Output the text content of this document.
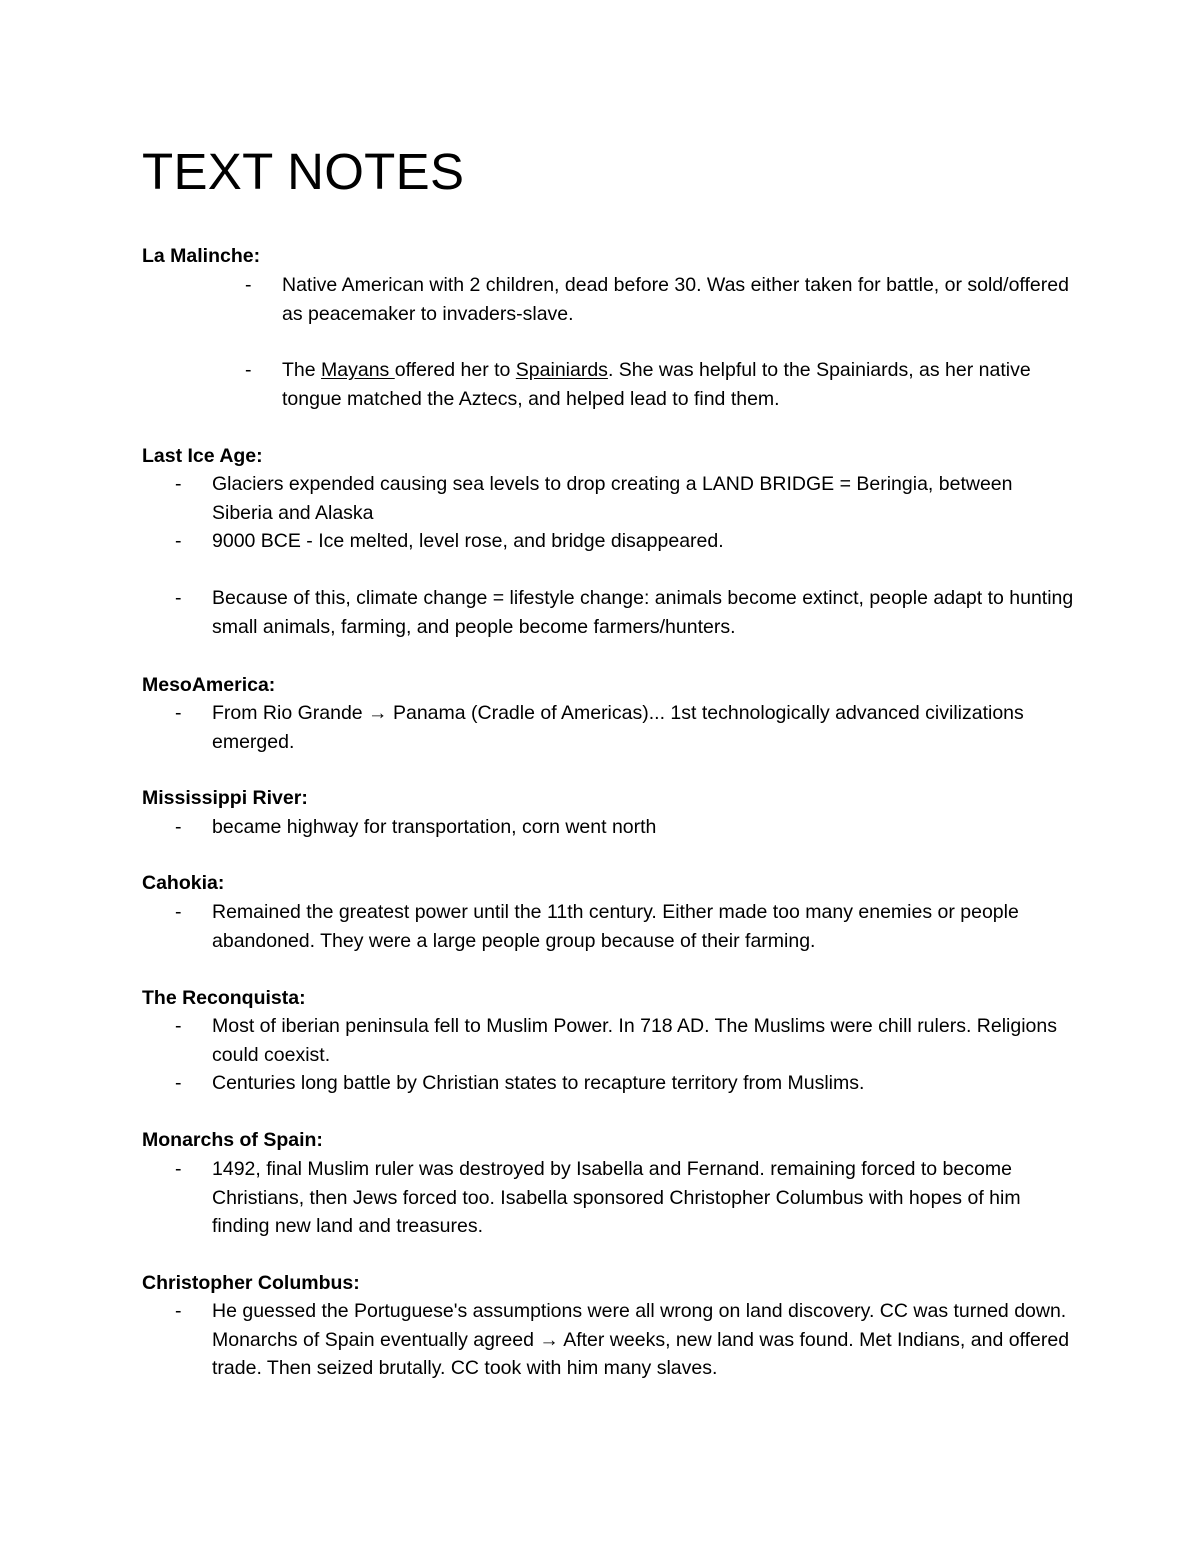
TEXT NOTES
La Malinche:
- Native American with 2 children, dead before 30. Was either taken for battle, or sold/offered as peacemaker to invaders-slave.
- The Mayans offered her to Spainiards. She was helpful to the Spainiards, as her native tongue matched the Aztecs, and helped lead to find them.
Last Ice Age:
- Glaciers expended causing sea levels to drop creating a LAND BRIDGE = Beringia, between Siberia and Alaska
- 9000 BCE - Ice melted, level rose, and bridge disappeared.
- Because of this, climate change = lifestyle change: animals become extinct, people adapt to hunting small animals, farming, and people become farmers/hunters.
MesoAmerica:
- From Rio Grande → Panama (Cradle of Americas)... 1st technologically advanced civilizations emerged.
Mississippi River:
- became highway for transportation, corn went north
Cahokia:
- Remained the greatest power until the 11th century. Either made too many enemies or people abandoned. They were a large people group because of their farming.
The Reconquista:
- Most of iberian peninsula fell to Muslim Power. In 718 AD. The Muslims were chill rulers. Religions could coexist.
- Centuries long battle by Christian states to recapture territory from Muslims.
Monarchs of Spain:
- 1492, final Muslim ruler was destroyed by Isabella and Fernand. remaining forced to become Christians, then Jews forced too. Isabella sponsored Christopher Columbus with hopes of him finding new land and treasures.
Christopher Columbus:
- He guessed the Portuguese's assumptions were all wrong on land discovery. CC was turned down. Monarchs of Spain eventually agreed → After weeks, new land was found. Met Indians, and offered trade. Then seized brutally. CC took with him many slaves.
